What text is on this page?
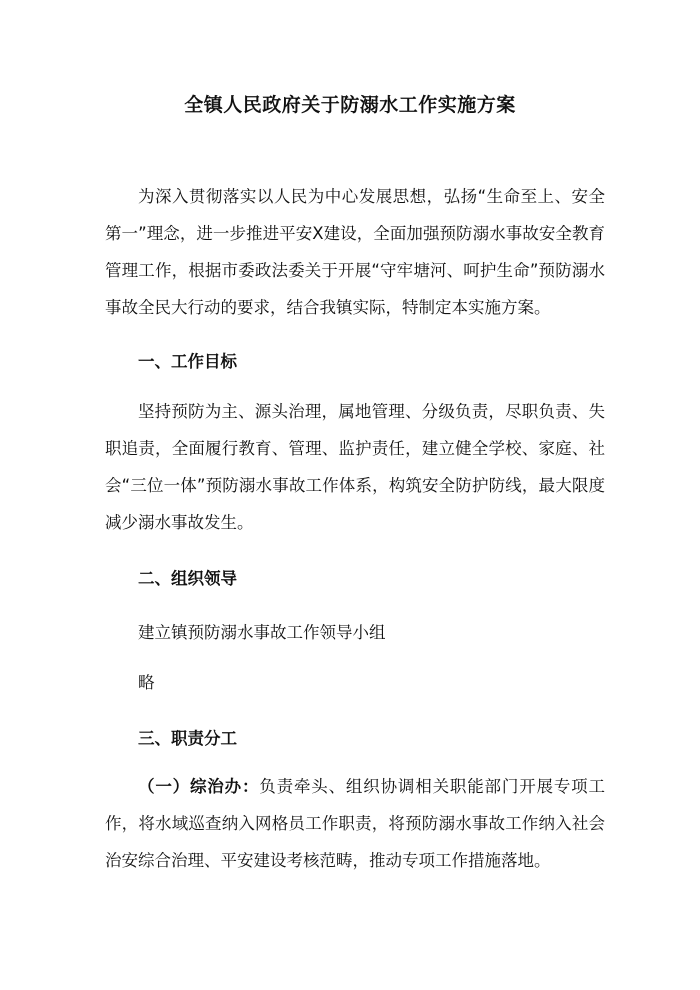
全镇人民政府关于防溺水工作实施方案
为深入贯彻落实以人民为中心发展思想，弘扬“生命至上、安全第一”理念，进一步推进平安Ⅹ建设，全面加强预防溺水事故安全教育管理工作，根据市委政法委关于开展“守牢塘河、呵护生命”预防溺水事故全民大行动的要求，结合我镇实际，特制定本实施方案。
一、工作目标
坚持预防为主、源头治理，属地管理、分级负责，尽职负责、失职追责，全面履行教育、管理、监护责任，建立健全学校、家庭、社会“三位一体”预防溺水事故工作体系，构筑安全防护防线，最大限度减少溺水事故发生。
二、组织领导
建立镇预防溺水事故工作领导小组
略
三、职责分工
（一）综治办：负责牵头、组织协调相关职能部门开展专项工作，将水域巡查纳入网格员工作职责，将预防溺水事故工作纳入社会治安综合治理、平安建设考核范畴，推动专项工作措施落地。
